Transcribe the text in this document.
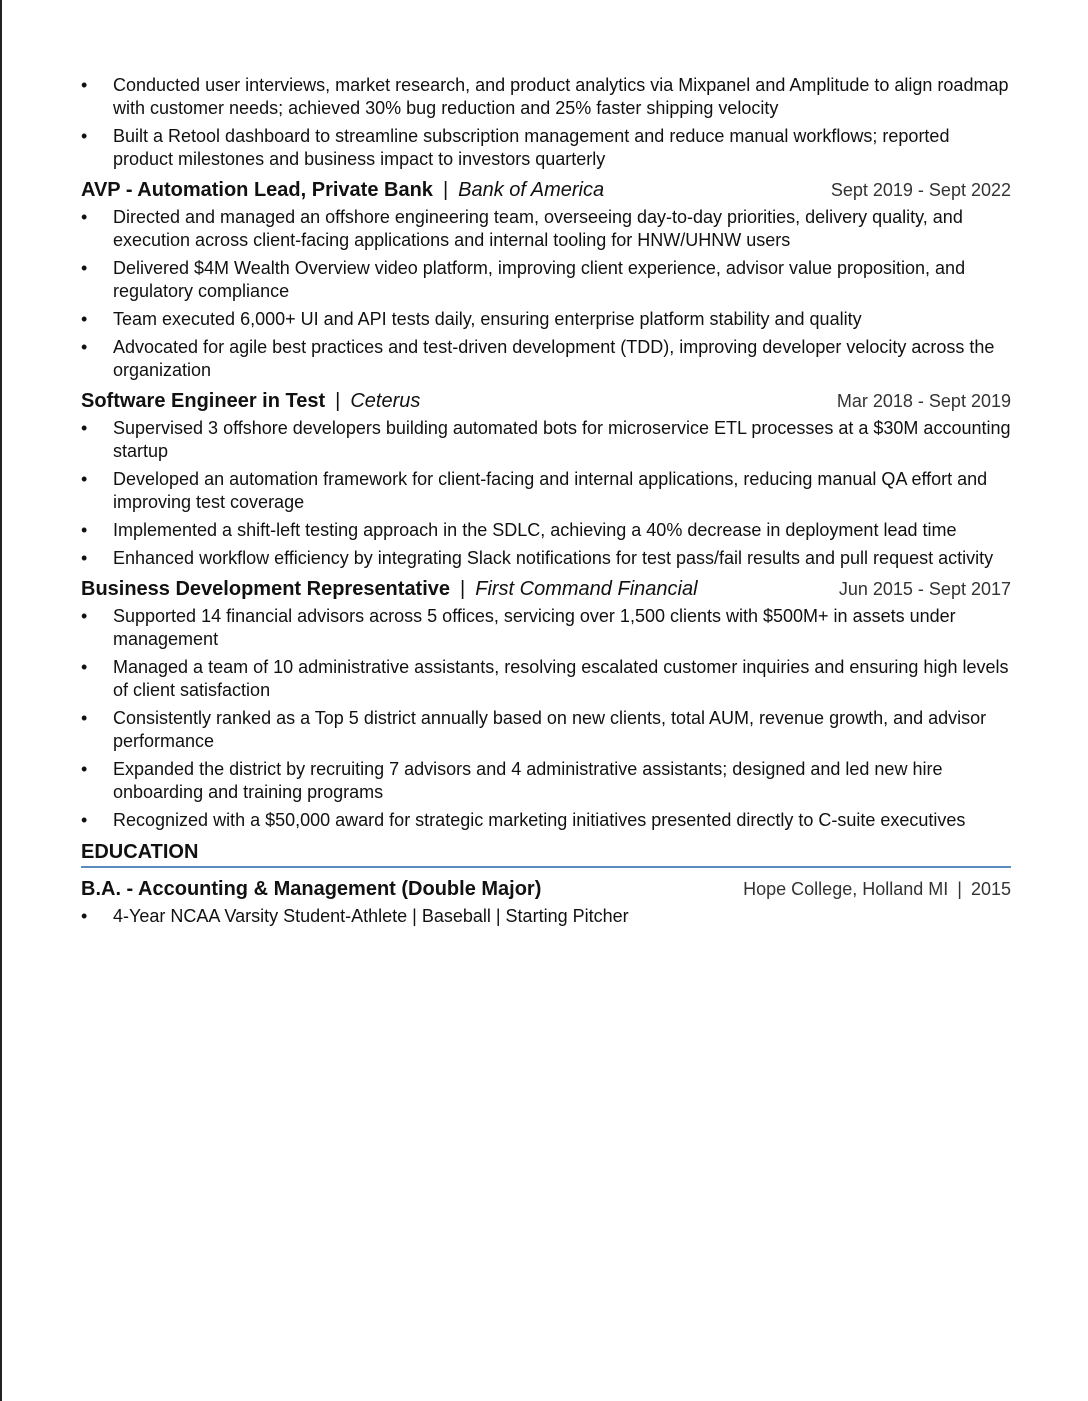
•	Conducted user interviews, market research, and product analytics via Mixpanel and Amplitude to align roadmap with customer needs; achieved 30% bug reduction and 25% faster shipping velocity
•	Built a Retool dashboard to streamline subscription management and reduce manual workflows; reported product milestones and business impact to investors quarterly
AVP - Automation Lead, Private Bank | Bank of America	Sept 2019 - Sept 2022
•	Directed and managed an offshore engineering team, overseeing day-to-day priorities, delivery quality, and execution across client-facing applications and internal tooling for HNW/UHNW users
•	Delivered $4M Wealth Overview video platform, improving client experience, advisor value proposition, and regulatory compliance
•	Team executed 6,000+ UI and API tests daily, ensuring enterprise platform stability and quality
•	Advocated for agile best practices and test-driven development (TDD), improving developer velocity across the organization
Software Engineer in Test | Ceterus	Mar 2018 - Sept 2019
•	Supervised 3 offshore developers building automated bots for microservice ETL processes at a $30M accounting startup
•	Developed an automation framework for client-facing and internal applications, reducing manual QA effort and improving test coverage
•	Implemented a shift-left testing approach in the SDLC, achieving a 40% decrease in deployment lead time
•	Enhanced workflow efficiency by integrating Slack notifications for test pass/fail results and pull request activity
Business Development Representative | First Command Financial	Jun 2015 - Sept 2017
•	Supported 14 financial advisors across 5 offices, servicing over 1,500 clients with $500M+ in assets under management
•	Managed a team of 10 administrative assistants, resolving escalated customer inquiries and ensuring high levels of client satisfaction
•	Consistently ranked as a Top 5 district annually based on new clients, total AUM, revenue growth, and advisor performance
•	Expanded the district by recruiting 7 advisors and 4 administrative assistants; designed and led new hire onboarding and training programs
•	Recognized with a $50,000 award for strategic marketing initiatives presented directly to C-suite executives
EDUCATION
B.A. - Accounting & Management (Double Major)	Hope College, Holland MI | 2015
•	4-Year NCAA Varsity Student-Athlete | Baseball | Starting Pitcher
